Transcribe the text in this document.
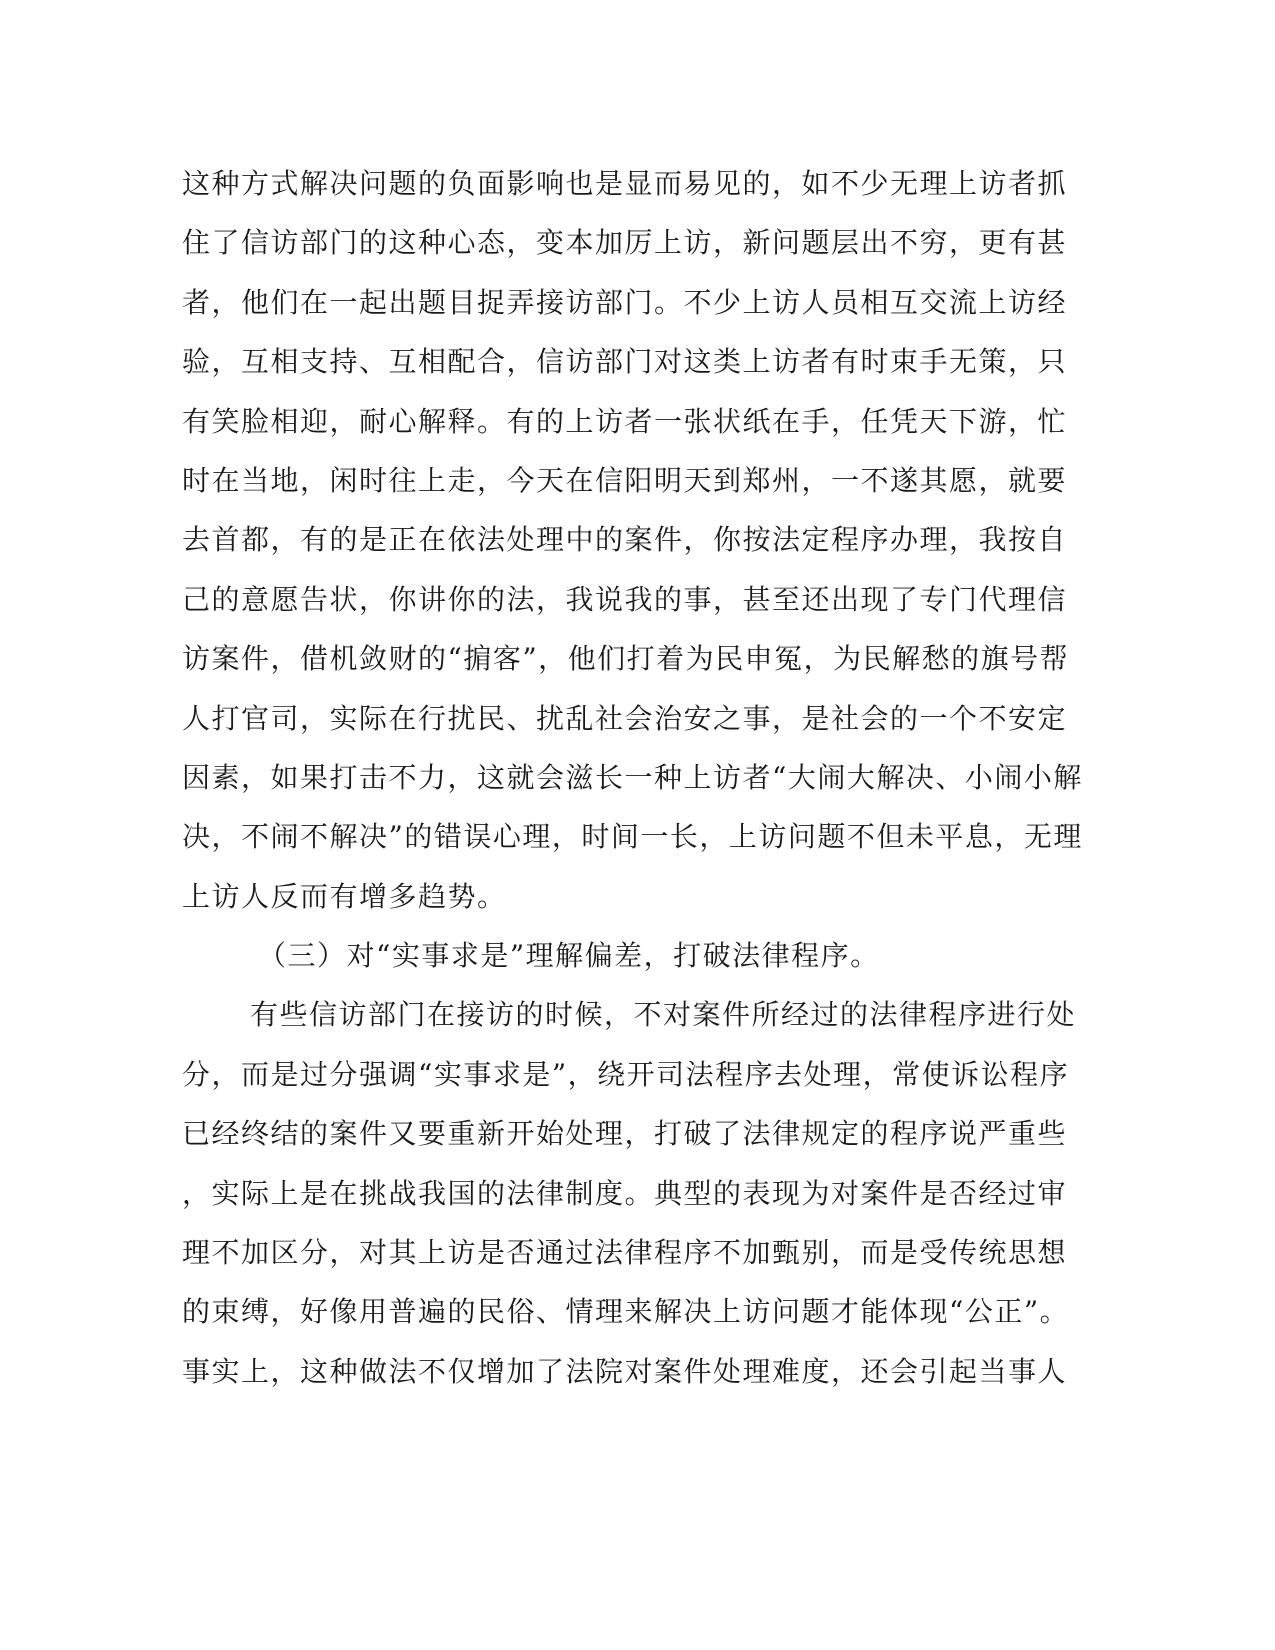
这种方式解决问题的负面影响也是显而易见的，如不少无理上访者抓
住了信访部门的这种心态，变本加厉上访，新问题层出不穷，更有甚
者，他们在一起出题目捉弄接访部门。不少上访人员相互交流上访经
验，互相支持、互相配合，信访部门对这类上访者有时束手无策，只
有笑脸相迎，耐心解释。有的上访者一张状纸在手，任凭天下游，忙
时在当地，闲时往上走，今天在信阳明天到郑州，一不遂其愿，就要
去首都，有的是正在依法处理中的案件，你按法定程序办理，我按自
己的意愿告状，你讲你的法，我说我的事，甚至还出现了专门代理信
访案件，借机敛财的“掮客”，他们打着为民申冤，为民解愁的旗号帮
人打官司，实际在行扰民、扰乱社会治安之事，是社会的一个不安定
因素，如果打击不力，这就会滋长一种上访者“大闹大解决、小闹小解
决，不闹不解决”的错误心理，时间一长，上访问题不但未平息，无理
上访人反而有增多趋势。
（三）对“实事求是”理解偏差，打破法律程序。
有些信访部门在接访的时候，不对案件所经过的法律程序进行处
分，而是过分强调“实事求是”，绕开司法程序去处理，常使诉讼程序
已经终结的案件又要重新开始处理，打破了法律规定的程序说严重些
，实际上是在挑战我国的法律制度。典型的表现为对案件是否经过审
理不加区分，对其上访是否通过法律程序不加甄别，而是受传统思想
的束缚，好像用普遍的民俗、情理来解决上访问题才能体现“公正”。
事实上，这种做法不仅增加了法院对案件处理难度，还会引起当事人
